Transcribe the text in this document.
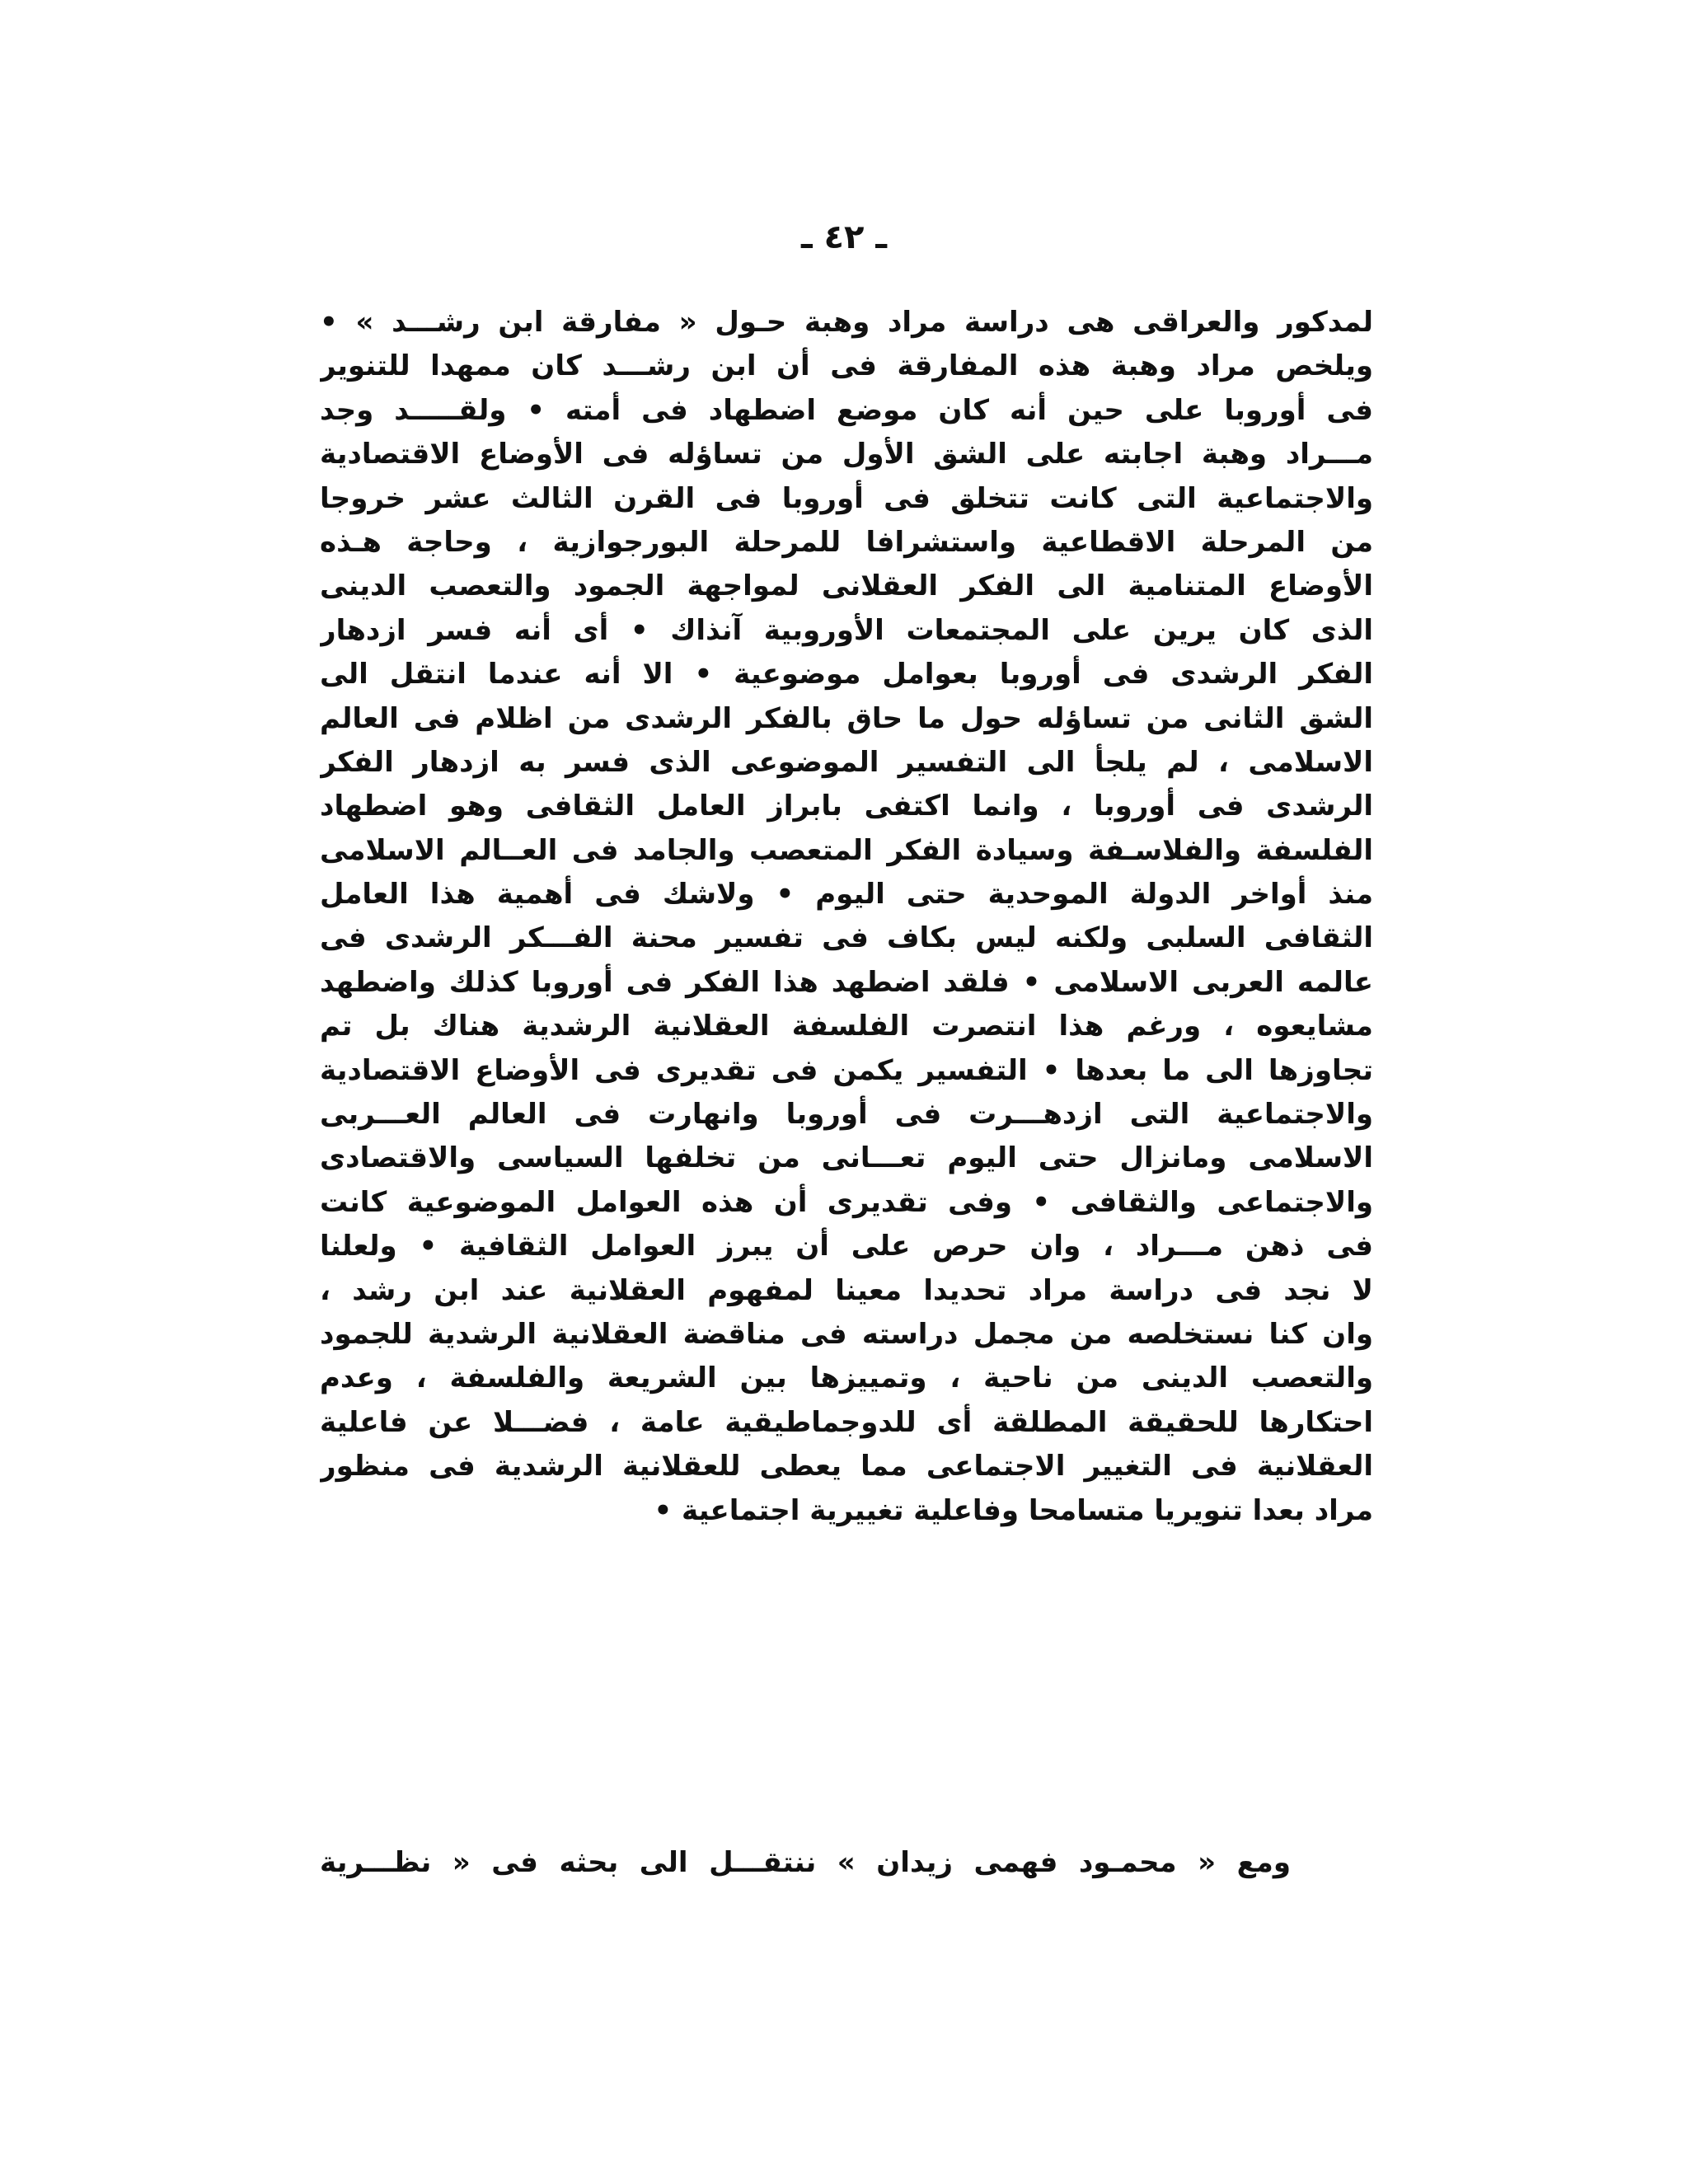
ـ ٤٢ ـ
لمدكور والعراقى هى دراسة مراد وهبة حـول « مفارقة ابن رشـــد » •
ويلخص مراد وهبة هذه المفارقة فى أن ابن رشـــد كان ممهدا للتنوير
فى أوروبا على حين أنه كان موضع اضطهاد فى أمته • ولقـــــد وجد
مـــراد وهبة اجابته على الشق الأول من تساؤله فى الأوضاع الاقتصادية
والاجتماعية التى كانت تتخلق فى أوروبا فى القرن الثالث عشر خروجا
من المرحلة الاقطاعية واستشرافا للمرحلة البورجوازية ، وحاجة هـذه
الأوضاع المتنامية الى الفكر العقلانى لمواجهة الجمود والتعصب الدينى
الذى كان يرين على المجتمعات الأوروبية آنذاك • أى أنه فسر ازدهار
الفكر الرشدى فى أوروبا بعوامل موضوعية • الا أنه عندما انتقل الى
الشق الثانى من تساؤله حول ما حاق بالفكر الرشدى من اظلام فى العالم
الاسلامى ، لم يلجأ الى التفسير الموضوعى الذى فسر به ازدهار الفكر
الرشدى فى أوروبا ، وانما اكتفى بابراز العامل الثقافى وهو اضطهاد
الفلسفة والفلاسـفة وسيادة الفكر المتعصب والجامد فى العــالم الاسلامى
منذ أواخر الدولة الموحدية حتى اليوم • ولاشك فى أهمية هذا العامل
الثقافى السلبى ولكنه ليس بكاف فى تفسير محنة الفـــكر الرشدى فى
عالمه العربى الاسلامى • فلقد اضطهد هذا الفكر فى أوروبا كذلك واضطهد
مشايعوه ، ورغم هذا انتصرت الفلسفة العقلانية الرشدية هناك بل تم
تجاوزها الى ما بعدها • التفسير يكمن فى تقديرى فى الأوضاع الاقتصادية
والاجتماعية التى ازدهـــرت فى أوروبا وانهارت فى العالم العـــربى
الاسلامى ومانزال حتى اليوم تعـــانى من تخلفها السياسى والاقتصادى
والاجتماعى والثقافى • وفى تقديرى أن هذه العوامل الموضوعية كانت
فى ذهن مـــراد ، وان حرص على أن يبرز العوامل الثقافية • ولعلنا
لا نجد فى دراسة مراد تحديدا معينا لمفهوم العقلانية عند ابن رشد ،
وان كنا نستخلصه من مجمل دراسته فى مناقضة العقلانية الرشدية للجمود
والتعصب الدينى من ناحية ، وتمييزها بين الشريعة والفلسفة ، وعدم
احتكارها للحقيقة المطلقة أى للدوجماطيقية عامة ، فضـــلا عن فاعلية
العقلانية فى التغيير الاجتماعى مما يعطى للعقلانية الرشدية فى منظور
مراد بعدا تنويريا متسامحا وفاعلية تغييرية اجتماعية •
ومع « محمـود فهمى زيدان » ننتقـــل الى بحثه فى « نظـــرية
